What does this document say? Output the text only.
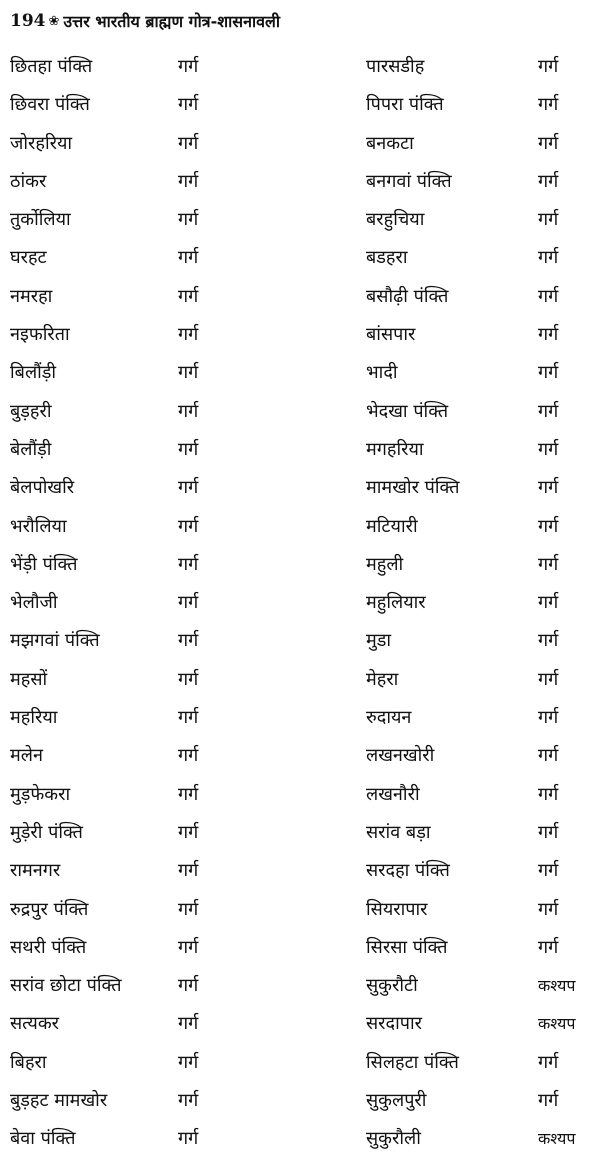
194 ❀ उत्तर भारतीय ब्राह्मण गोत्र-शासनावली
छितहा पंक्ति	गर्ग	पारसडीह	गर्ग
छिवरा पंक्ति	गर्ग	पिपरा पंक्ति	गर्ग
जोरहरिया	गर्ग	बनकटा	गर्ग
ठांकर	गर्ग	बनगवां पंक्ति	गर्ग
तुर्कोलिया	गर्ग	बरहुचिया	गर्ग
घरहट	गर्ग	बडहरा	गर्ग
नमरहा	गर्ग	बसौढ़ी पंक्ति	गर्ग
नइफरिता	गर्ग	बांसपार	गर्ग
बिलौंड़ी	गर्ग	भादी	गर्ग
बुड़हरी	गर्ग	भेदखा पंक्ति	गर्ग
बेलौंड़ी	गर्ग	मगहरिया	गर्ग
बेलपोखरि	गर्ग	मामखोर पंक्ति	गर्ग
भरौलिया	गर्ग	मटियारी	गर्ग
भेंड़ी पंक्ति	गर्ग	महुली	गर्ग
भेलौजी	गर्ग	महुलियार	गर्ग
मझगवां पंक्ति	गर्ग	मुडा	गर्ग
महसों	गर्ग	मेहरा	गर्ग
महरिया	गर्ग	रुदायन	गर्ग
मलेन	गर्ग	लखनखोरी	गर्ग
मुड़फेकरा	गर्ग	लखनौरी	गर्ग
मुड़ेरी पंक्ति	गर्ग	सरांव बड़ा	गर्ग
रामनगर	गर्ग	सरदहा पंक्ति	गर्ग
रुद्रपुर पंक्ति	गर्ग	सियरापार	गर्ग
सथरी पंक्ति	गर्ग	सिरसा पंक्ति	गर्ग
सरांव छोटा पंक्ति	गर्ग	सुकुरौटी	कश्यप
सत्यकर	गर्ग	सरदापार	कश्यप
बिहरा	गर्ग	सिलहटा पंक्ति	गर्ग
बुड़हट मामखोर	गर्ग	सुकुलपुरी	गर्ग
बेवा पंक्ति	गर्ग	सुकुरौली	कश्यप
